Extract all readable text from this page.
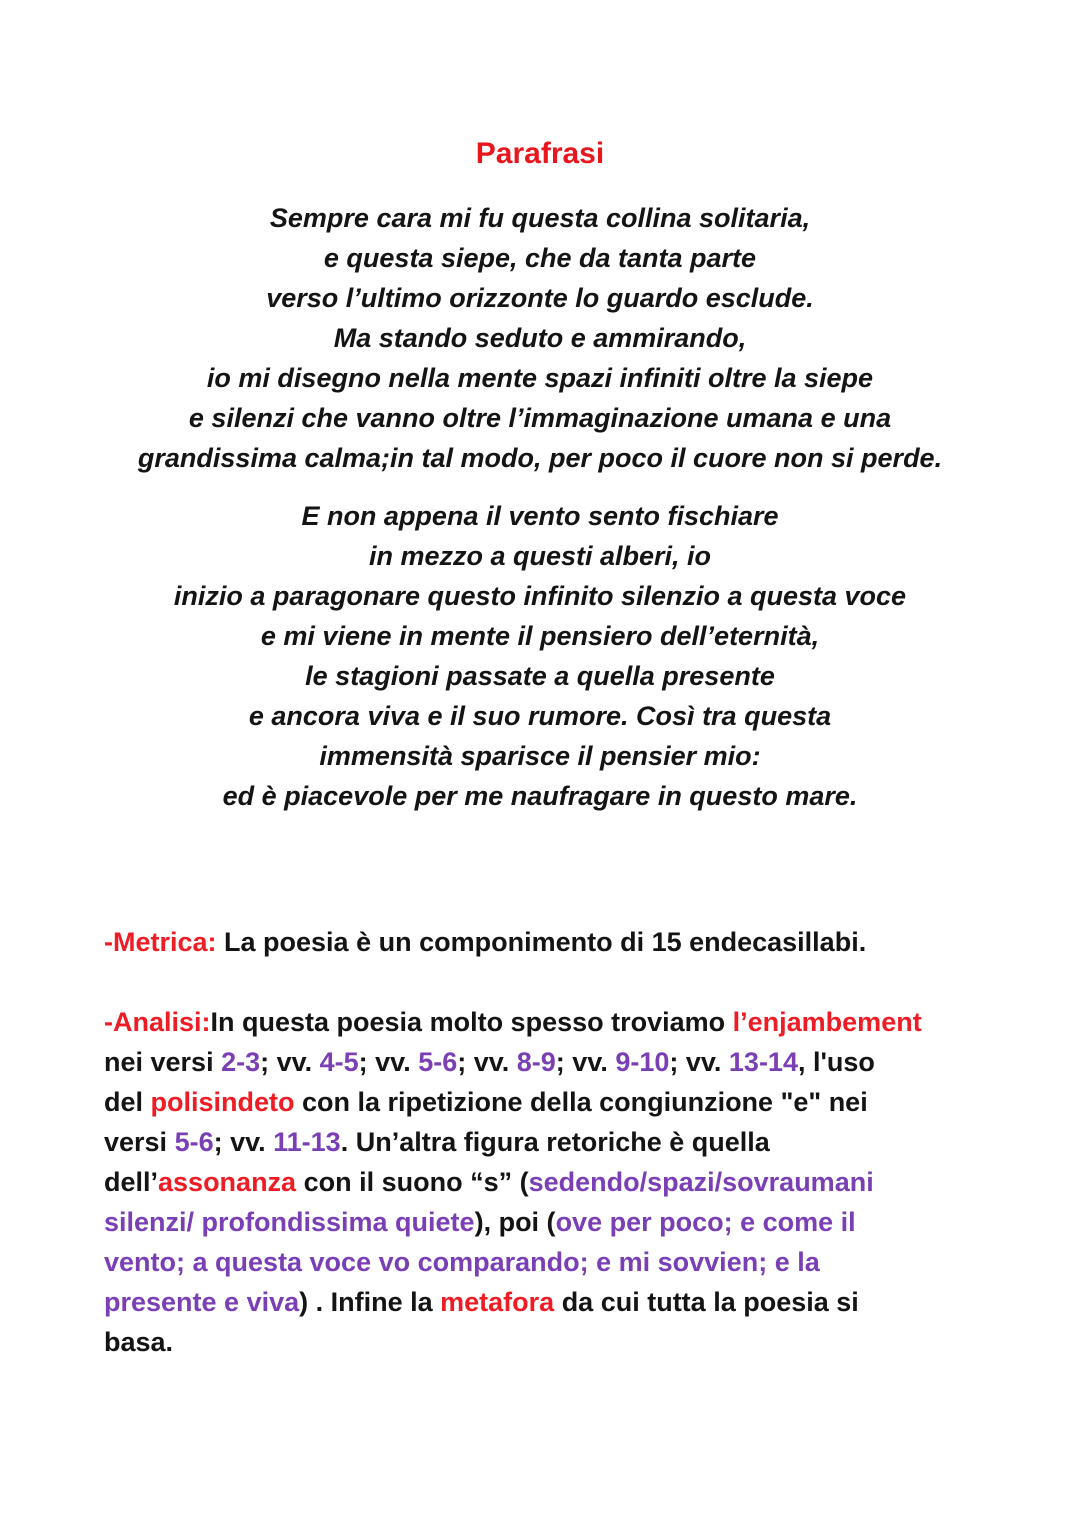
Parafrasi
Sempre cara mi fu questa collina solitaria,
e questa siepe, che da tanta parte
verso l’ultimo orizzonte lo guardo esclude.
Ma stando seduto e ammirando,
io mi disegno nella mente spazi infiniti oltre la siepe
e silenzi che vanno oltre l’immaginazione umana e una
grandissima calma;in tal modo, per poco il cuore non si perde.
E non appena il vento sento fischiare
in mezzo a questi alberi, io
inizio a paragonare questo infinito silenzio a questa voce
e mi viene in mente il pensiero dell’eternità,
le stagioni passate a quella presente
e ancora viva e il suo rumore. Così tra questa
immensità sparisce il pensier mio:
ed è piacevole per me naufragare in questo mare.
-Metrica: La poesia è un componimento di 15 endecasillabi.
-Analisi:In questa poesia molto spesso troviamo l’enjambement
nei versi 2-3; vv. 4-5; vv. 5-6; vv. 8-9; vv. 9-10; vv. 13-14, l'uso
del polisindeto con la ripetizione della congiunzione "e" nei
versi 5-6; vv. 11-13. Un’altra figura retoriche è quella
dell’assonanza con il suono “s” (sedendo/spazi/sovraumani
silenzi/ profondissima quiete), poi (ove per poco; e come il
vento; a questa voce vo comparando; e mi sovvien; e la
presente e viva) . Infine la metafora da cui tutta la poesia si
basa.
